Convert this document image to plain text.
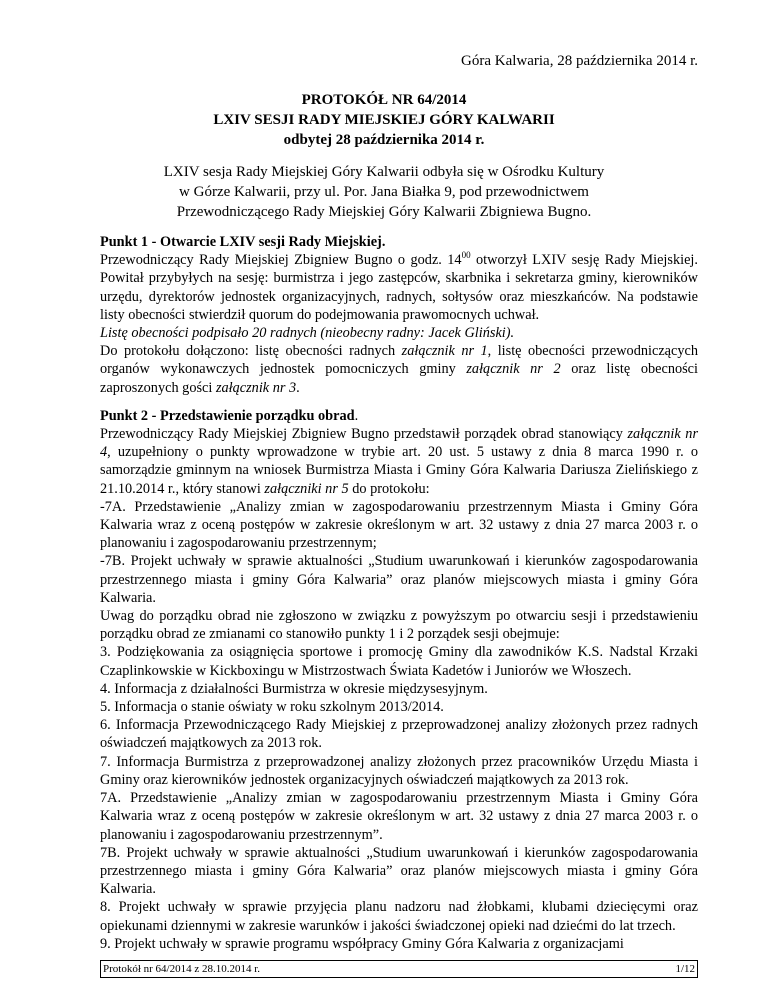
Góra Kalwaria, 28 października 2014 r.
PROTOKÓŁ NR 64/2014
LXIV SESJI RADY MIEJSKIEJ GÓRY KALWARII
odbytej 28 października 2014 r.
LXIV sesja Rady Miejskiej Góry Kalwarii odbyła się w Ośrodku Kultury
w Górze Kalwarii, przy ul. Por. Jana Białka 9, pod przewodnictwem
Przewodniczącego Rady Miejskiej Góry Kalwarii Zbigniewa Bugno.

Punkt 1 - Otwarcie LXIV sesji Rady Miejskiej.

Przewodniczący Rady Miejskiej Zbigniew Bugno o godz. $14^{00}$ otworzył LXIV sesję Rady Miejskiej. Powitał przybyłych na sesję: burmistrza i jego zastępców, skarbnika i sekretarza gminy, kierowników urzędu, dyrektorów jednostek organizacyjnych, radnych, sołtysów oraz mieszkańców. Na podstawie listy obecności stwierdził quorum do podejmowania prawomocnych uchwał.

Listę obecności podpisało 20 radnych (nieobecny radny: Jacek Gliński).

Do protokołu dołączono: listę obecności radnych załącznik nr 1, listę obecności przewodniczących organów wykonawczych jednostek pomocniczych gminy załącznik nr 2 oraz listę obecności zaproszonych gości załącznik nr 3.

Punkt 2 - Przedstawienie porządku obrad.

Przewodniczący Rady Miejskiej Zbigniew Bugno przedstawił porządek obrad stanowiący załącznik nr 4, uzupełniony o punkty wprowadzone w trybie art. 20 ust. 5 ustawy z dnia 8 marca 1990 r. o samorządzie gminnym na wniosek Burmistrza Miasta i Gminy Góra Kalwaria Dariusza Zielińskiego z 21.10.2014 r., który stanowi załączniki nr 5 do protokołu:

-7A. Przedstawienie „Analizy zmian w zagospodarowaniu przestrzennym Miasta i Gminy Góra Kalwaria wraz z oceną postępów w zakresie określonym w art. 32 ustawy z dnia 27 marca 2003 r. o planowaniu i zagospodarowaniu przestrzennym;

-7B. Projekt uchwały w sprawie aktualności „Studium uwarunkowań i kierunków zagospodarowania przestrzennego miasta i gminy Góra Kalwaria” oraz planów miejscowych miasta i gminy Góra Kalwaria.

Uwag do porządku obrad nie zgłoszono w związku z powyższym po otwarciu sesji i przedstawieniu porządku obrad ze zmianami co stanowiło punkty 1 i 2 porządek sesji obejmuje:

3. Podziękowania za osiągnięcia sportowe i promocję Gminy dla zawodników K.S. Nadstal Krzaki Czaplinkowskie w Kickboxingu w Mistrzostwach Świata Kadetów i Juniorów we Włoszech.

4. Informacja z działalności Burmistrza w okresie międzysesyjnym.

5. Informacja o stanie oświaty w roku szkolnym 2013/2014.

6. Informacja Przewodniczącego Rady Miejskiej z przeprowadzonej analizy złożonych przez radnych oświadczeń majątkowych za 2013 rok.

7. Informacja Burmistrza z przeprowadzonej analizy złożonych przez pracowników Urzędu Miasta i Gminy oraz kierowników jednostek organizacyjnych oświadczeń majątkowych za 2013 rok.

7A. Przedstawienie „Analizy zmian w zagospodarowaniu przestrzennym Miasta i Gminy Góra Kalwaria wraz z oceną postępów w zakresie określonym w art. 32 ustawy z dnia 27 marca 2003 r. o planowaniu i zagospodarowaniu przestrzennym”.

7B. Projekt uchwały w sprawie aktualności „Studium uwarunkowań i kierunków zagospodarowania przestrzennego miasta i gminy Góra Kalwaria” oraz planów miejscowych miasta i gminy Góra Kalwaria.

8. Projekt uchwały w sprawie przyjęcia planu nadzoru nad żłobkami, klubami dziecięcymi oraz opiekunami dziennymi w zakresie warunków i jakości świadczonej opieki nad dziećmi do lat trzech.

9. Projekt uchwały w sprawie programu współpracy Gminy Góra Kalwaria z organizacjami

Protokół nr 64/2014 z 28.10.2014 r.	1/12
